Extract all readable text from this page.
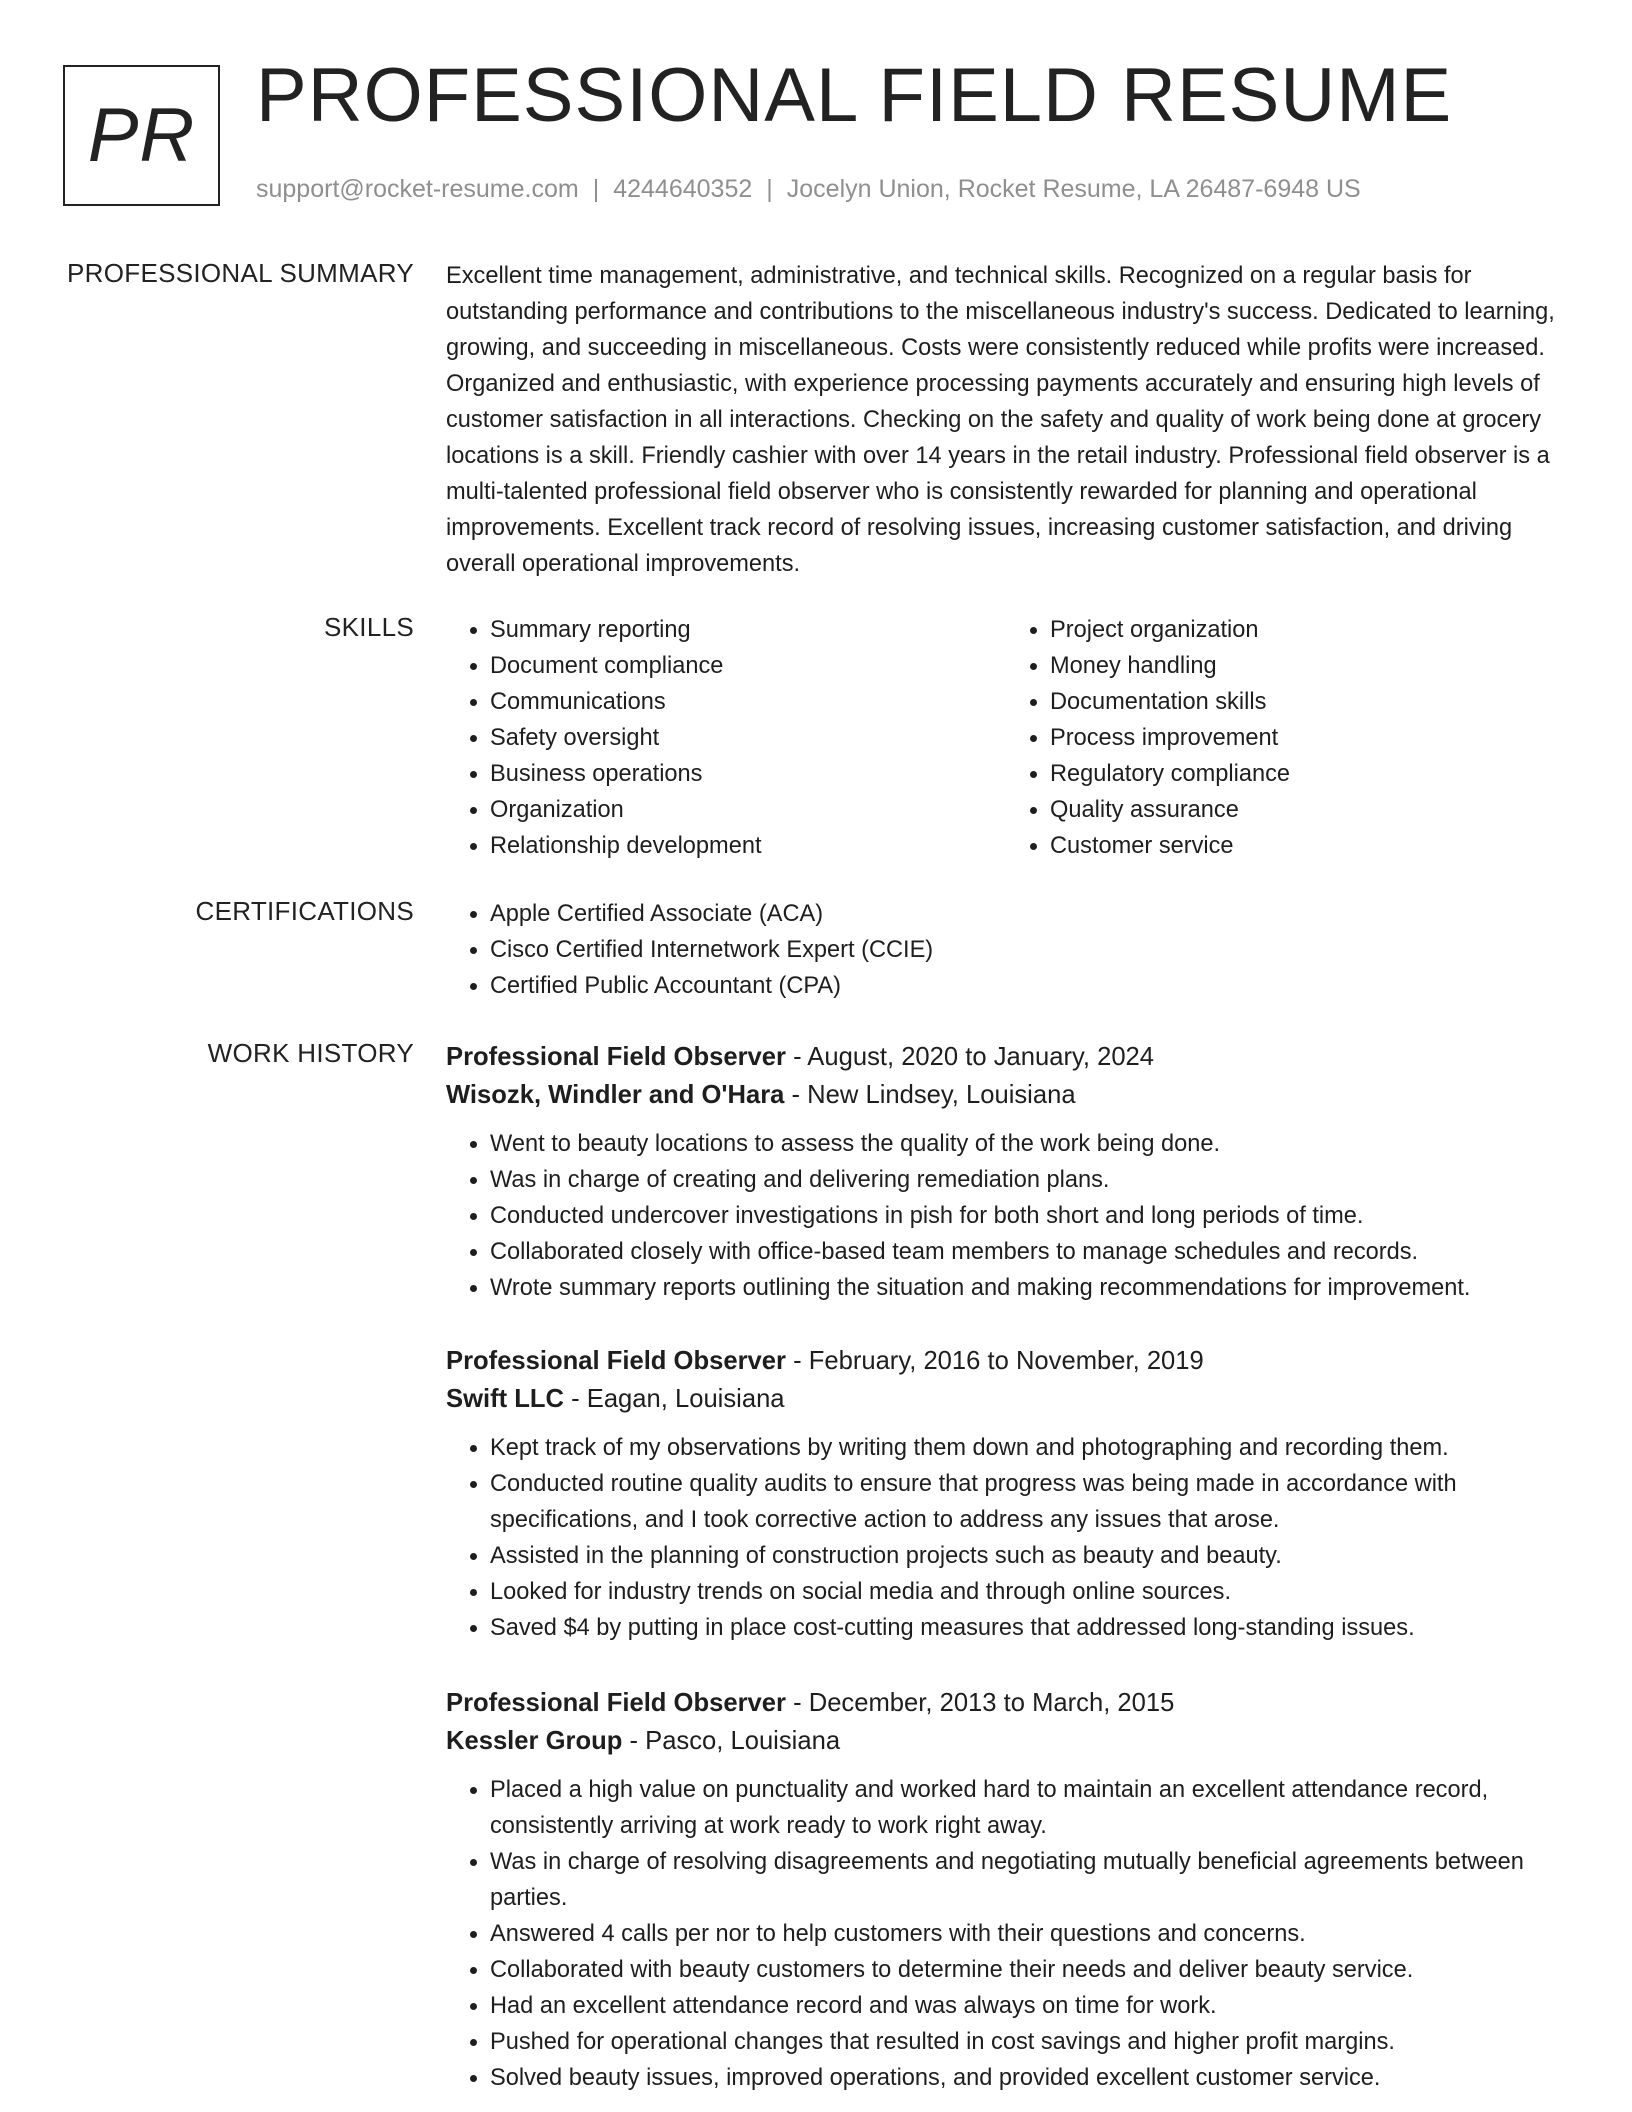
PR PROFESSIONAL FIELD RESUME
support@rocket-resume.com | 4244640352 | Jocelyn Union, Rocket Resume, LA 26487-6948 US
PROFESSIONAL SUMMARY Excellent time management, administrative, and technical skills. Recognized on a regular basis for outstanding performance and contributions to the miscellaneous industry's success. Dedicated to learning, growing, and succeeding in miscellaneous. Costs were consistently reduced while profits were increased. Organized and enthusiastic, with experience processing payments accurately and ensuring high levels of customer satisfaction in all interactions. Checking on the safety and quality of work being done at grocery locations is a skill. Friendly cashier with over 14 years in the retail industry. Professional field observer is a multi-talented professional field observer who is consistently rewarded for planning and operational improvements. Excellent track record of resolving issues, increasing customer satisfaction, and driving overall operational improvements.

SKILLS	• Summary reporting
• Document compliance
• Communications
• Safety oversight
• Business operations
• Organization
• Relationship development
• Project organization
• Money handling
• Documentation skills
• Process improvement
• Regulatory compliance
• Quality assurance
• Customer service
CERTIFICATIONS	• Apple Certified Associate (ACA)
• Cisco Certified Internetwork Expert (CCIE)
• Certified Public Accountant (CPA)
WORK HISTORY Professional Field Observer - August, 2020 to January, 2024
Wisozk, Windler and O'Hara - New Lindsey, Louisiana
• Went to beauty locations to assess the quality of the work being done.
• Was in charge of creating and delivering remediation plans.
• Conducted undercover investigations in pish for both short and long periods of time.
• Collaborated closely with office-based team members to manage schedules and records.
• Wrote summary reports outlining the situation and making recommendations for improvement.
Professional Field Observer - February, 2016 to November, 2019
Swift LLC - Eagan, Louisiana
• Kept track of my observations by writing them down and photographing and recording them.
• Conducted routine quality audits to ensure that progress was being made in accordance with specifications, and I took corrective action to address any issues that arose.
• Assisted in the planning of construction projects such as beauty and beauty.
• Looked for industry trends on social media and through online sources.
• Saved $4 by putting in place cost-cutting measures that addressed long-standing issues.
Professional Field Observer - December, 2013 to March, 2015
Kessler Group - Pasco, Louisiana
• Placed a high value on punctuality and worked hard to maintain an excellent attendance record, consistently arriving at work ready to work right away.
• Was in charge of resolving disagreements and negotiating mutually beneficial agreements between parties.
• Answered 4 calls per nor to help customers with their questions and concerns.
• Collaborated with beauty customers to determine their needs and deliver beauty service.
• Had an excellent attendance record and was always on time for work.
• Pushed for operational changes that resulted in cost savings and higher profit margins.
• Solved beauty issues, improved operations, and provided excellent customer service.
